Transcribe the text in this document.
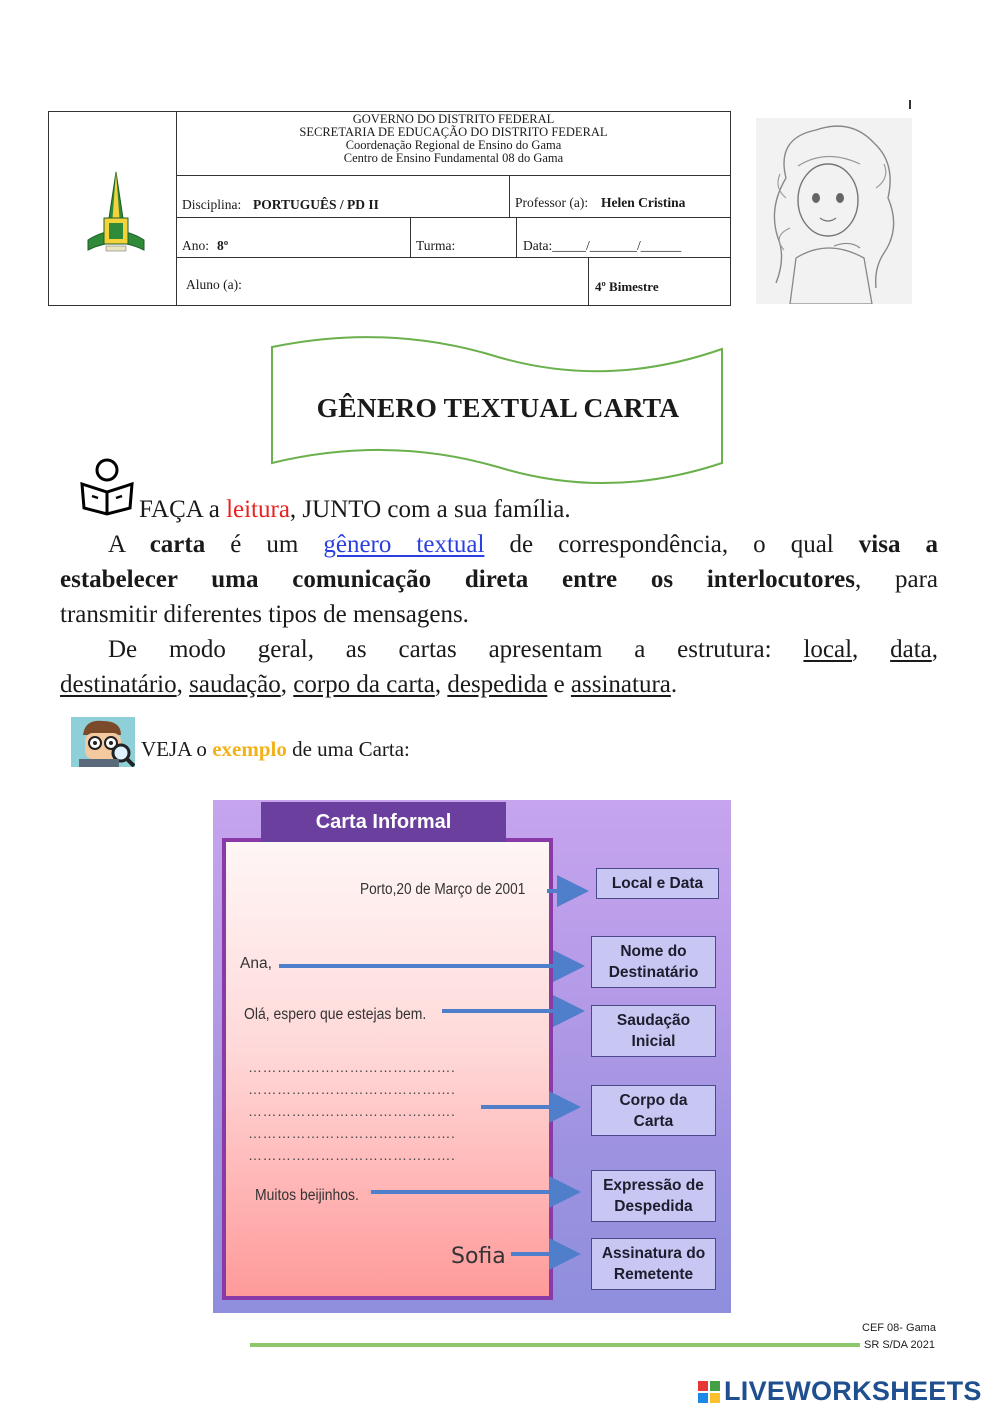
GOVERNO DO DISTRITO FEDERAL
SECRETARIA DE EDUCAÇÃO DO DISTRITO FEDERAL
Coordenação Regional de Ensino do Gama
Centro de Ensino Fundamental 08 do Gama
Disciplina: PORTUGUÊS / PD II	Professor (a): Helen Cristina
Ano: 8º	Turma:	Data:_____/_______/______
Aluno (a):	4º Bimestre
GÊNERO TEXTUAL CARTA
FAÇA a leitura, JUNTO com a sua família.
A carta é um gênero textual de correspondência, o qual visa a
estabelecer uma comunicação direta entre os interlocutores, para
transmitir diferentes tipos de mensagens.
De modo geral, as cartas apresentam a estrutura: local, data,
destinatário, saudação, corpo da carta, despedida e assinatura.
VEJA o exemplo de uma Carta:
Carta Informal
Porto,20 de Março de 2001
Ana,
Olá, espero que estejas bem.
…………………………………….
…………………………………….
…………………………………….
…………………………………….
…………………………………….
Muitos beijinhos.
Sofia
Local e Data
Nome do
Destinatário
Saudação
Inicial
Corpo da
Carta
Expressão de
Despedida
Assinatura do
Remetente
CEF 08- Gama
SR S/DA 2021
LIVEWORKSHEETS
